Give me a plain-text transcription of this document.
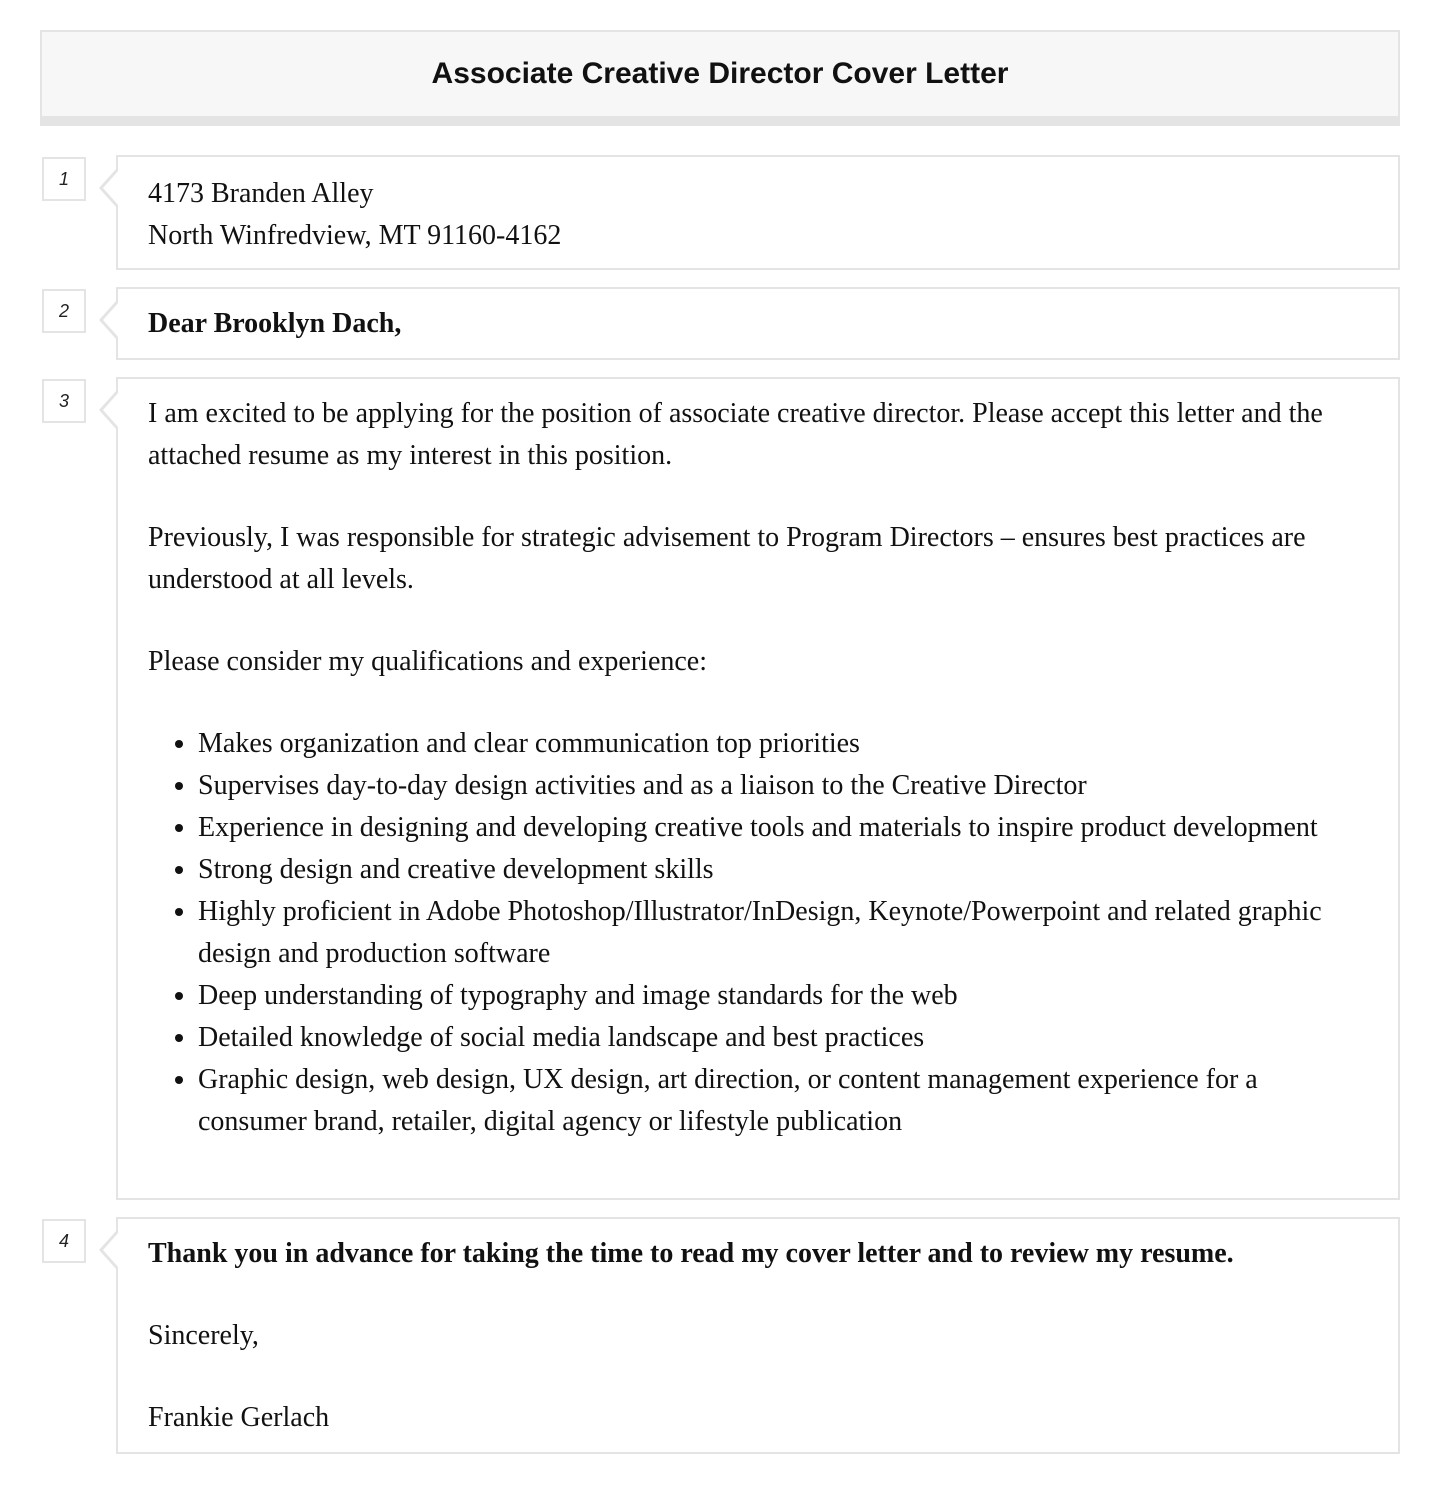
Associate Creative Director Cover Letter
1	4173 Branden Alley

North Winfredview, MT 91160-4162

2	Dear Brooklyn Dach,

3	I am excited to be applying for the position of associate creative director. Please accept this letter and the attached resume as my interest in this position.

Previously, I was responsible for strategic advisement to Program Directors – ensures best practices are understood at all levels.

Please consider my qualifications and experience:

• Makes organization and clear communication top priorities
• Supervises day-to-day design activities and as a liaison to the Creative Director
• Experience in designing and developing creative tools and materials to inspire product development
• Strong design and creative development skills
• Highly proficient in Adobe Photoshop/Illustrator/InDesign, Keynote/Powerpoint and related graphic design and production software
• Deep understanding of typography and image standards for the web
• Detailed knowledge of social media landscape and best practices
• Graphic design, web design, UX design, art direction, or content management experience for a consumer brand, retailer, digital agency or lifestyle publication
4	Thank you in advance for taking the time to read my cover letter and to review my resume.

Sincerely,

Frankie Gerlach
